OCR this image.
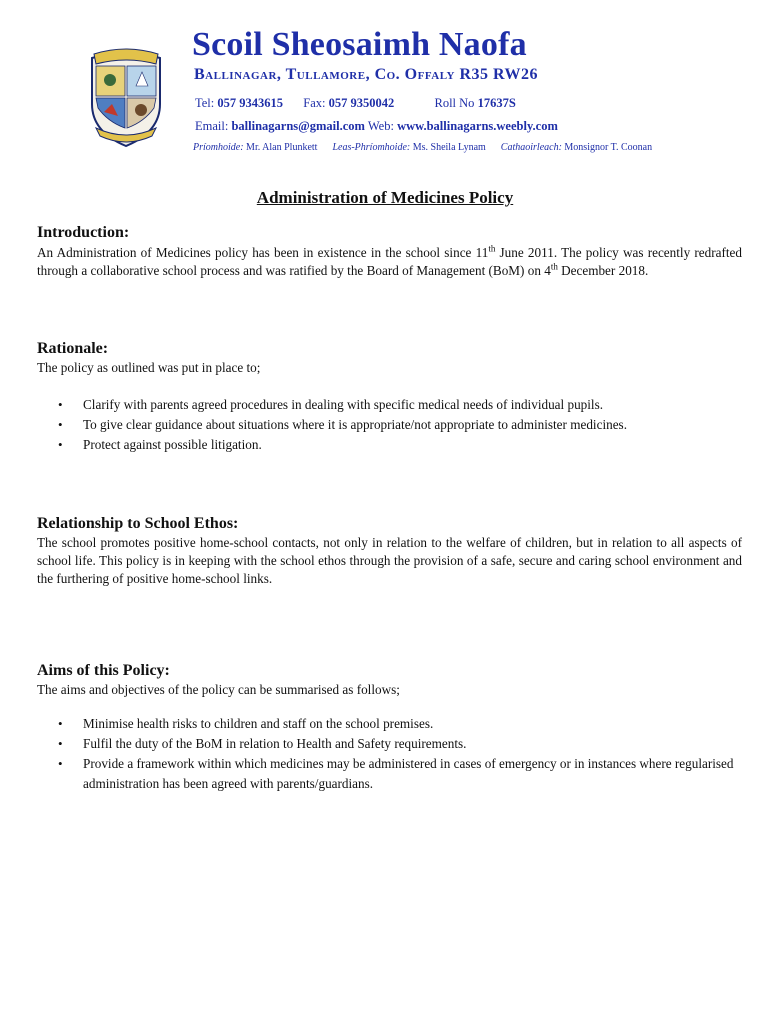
Scoil Sheosaimh Naofa
Ballinagar, Tullamore, Co. Offaly R35 RW26
Tel: 057 9343615 Fax: 057 9350042	Roll No 17637S
Email: ballinagarns@gmail.com Web: www.ballinagarns.weebly.com
Príomhoide: Mr. Alan Plunkett Leas-Phríomhoide: Ms. Sheila Lynam Cathaoirleach: Monsignor T. Coonan
Administration of Medicines Policy
Introduction:

An Administration of Medicines policy has been in existence in the school since 11th June 2011. The policy was recently redrafted through a collaborative school process and was ratified by the Board of Management (BoM) on 4th December 2018.

Rationale:

The policy as outlined was put in place to;

• Clarify with parents agreed procedures in dealing with specific medical needs of individual pupils.
• To give clear guidance about situations where it is appropriate/not appropriate to administer medicines.
• Protect against possible litigation.
Relationship to School Ethos:

The school promotes positive home-school contacts, not only in relation to the welfare of children, but in relation to all aspects of school life. This policy is in keeping with the school ethos through the provision of a safe, secure and caring school environment and the furthering of positive home-school links.

Aims of this Policy:

The aims and objectives of the policy can be summarised as follows;

• Minimise health risks to children and staff on the school premises.
• Fulfil the duty of the BoM in relation to Health and Safety requirements.
• Provide a framework within which medicines may be administered in cases of emergency or in instances where regularised administration has been agreed with parents/guardians.
